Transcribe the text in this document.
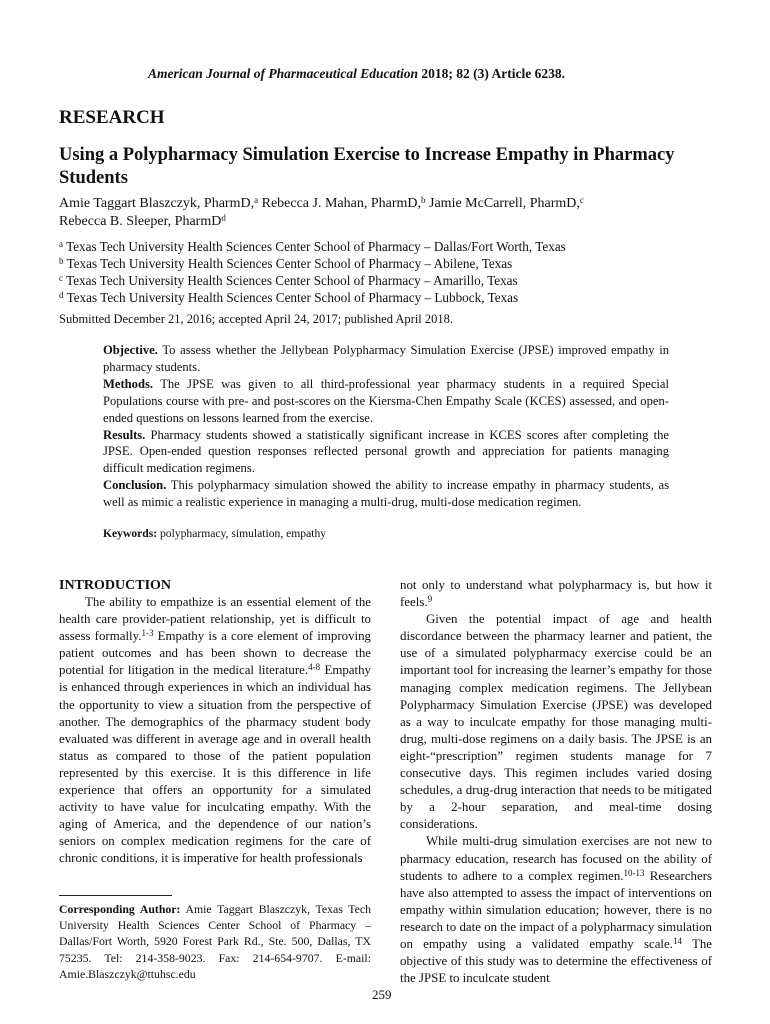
American Journal of Pharmaceutical Education 2018; 82 (3) Article 6238.
RESEARCH
Using a Polypharmacy Simulation Exercise to Increase Empathy in Pharmacy Students
Amie Taggart Blaszczyk, PharmD,$^a$ Rebecca J. Mahan, PharmD,$^b$ Jamie McCarrell, PharmD,$^c$
Rebecca B. Sleeper, PharmD$^d$
$^a$ Texas Tech University Health Sciences Center School of Pharmacy – Dallas/Fort Worth, Texas
$^b$ Texas Tech University Health Sciences Center School of Pharmacy – Abilene, Texas
$^c$ Texas Tech University Health Sciences Center School of Pharmacy – Amarillo, Texas
$^d$ Texas Tech University Health Sciences Center School of Pharmacy – Lubbock, Texas
Submitted December 21, 2016; accepted April 24, 2017; published April 2018.

Objective. To assess whether the Jellybean Polypharmacy Simulation Exercise (JPSE) improved empathy in pharmacy students.

Methods. The JPSE was given to all third-professional year pharmacy students in a required Special Populations course with pre- and post-scores on the Kiersma-Chen Empathy Scale (KCES) assessed, and open-ended questions on lessons learned from the exercise.

Results. Pharmacy students showed a statistically significant increase in KCES scores after completing the JPSE. Open-ended question responses reflected personal growth and appreciation for patients managing difficult medication regimens.

Conclusion. This polypharmacy simulation showed the ability to increase empathy in pharmacy students, as well as mimic a realistic experience in managing a multi-drug, multi-dose medication regimen.

Keywords: polypharmacy, simulation, empathy
INTRODUCTION

The ability to empathize is an essential element of the health care provider-patient relationship, yet is difficult to assess formally.$^{1-3}$ Empathy is a core element of improving patient outcomes and has been shown to decrease the potential for litigation in the medical literature.$^{4-8}$ Empathy is enhanced through experiences in which an individual has the opportunity to view a situation from the perspective of another. The demographics of the pharmacy student body evaluated was different in average age and in overall health status as compared to those of the patient population represented by this exercise. It is this difference in life experience that offers an opportunity for a simulated activity to have value for inculcating empathy. With the aging of America, and the dependence of our nation’s seniors on complex medication regimens for the care of chronic conditions, it is imperative for health professionals

not only to understand what polypharmacy is, but how it feels.$^9$

Given the potential impact of age and health discordance between the pharmacy learner and patient, the use of a simulated polypharmacy exercise could be an important tool for increasing the learner’s empathy for those managing complex medication regimens. The Jellybean Polypharmacy Simulation Exercise (JPSE) was developed as a way to inculcate empathy for those managing multi-drug, multi-dose regimens on a daily basis. The JPSE is an eight-“prescription” regimen students manage for 7 consecutive days. This regimen includes varied dosing schedules, a drug-drug interaction that needs to be mitigated by a 2-hour separation, and meal-time dosing considerations.

While multi-drug simulation exercises are not new to pharmacy education, research has focused on the ability of students to adhere to a complex regimen.$^{10-13}$ Researchers have also attempted to assess the impact of interventions on empathy within simulation education; however, there is no research to date on the impact of a polypharmacy simulation on empathy using a validated empathy scale.$^{14}$ The objective of this study was to determine the effectiveness of the JPSE to inculcate student

Corresponding Author: Amie Taggart Blaszczyk, Texas Tech University Health Sciences Center School of Pharmacy – Dallas/Fort Worth, 5920 Forest Park Rd., Ste. 500, Dallas, TX 75235. Tel: 214-358-9023. Fax: 214-654-9707. E-mail: Amie.Blaszczyk@ttuhsc.edu
259
